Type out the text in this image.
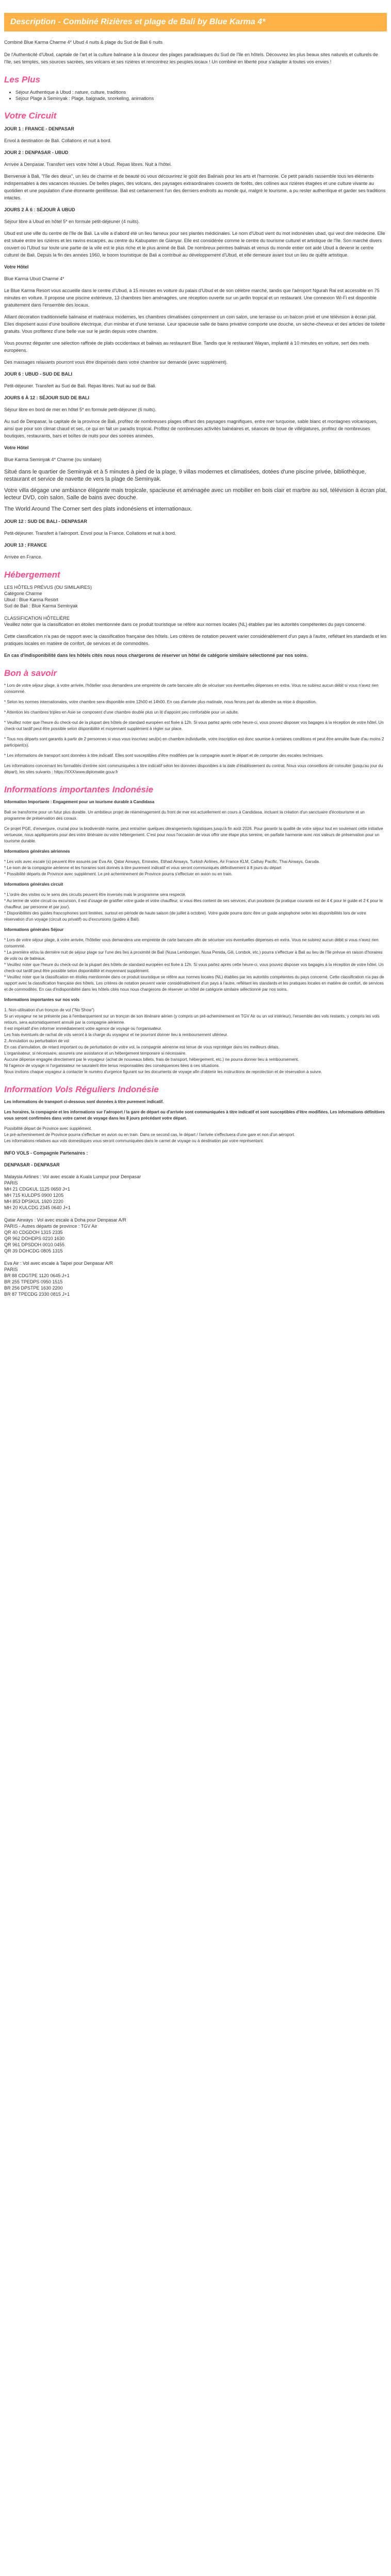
Description - Combiné Rizières et plage de Bali by Blue Karma 4*

Combiné Blue Karma Charme 4* Ubud 4 nuits & plage du Sud de Bali 6 nuits

De l'Authenticité d'Ubud, capitale de l'art et la culture balinaise à la douceur des plages paradisiaques du Sud de l'île en hôtels. Découvrez les plus beaux sites naturels et culturels de l'île, ses temples, ses sources sacrées, ses volcans et ses rizières et rencontrez les peuples locaux ! Un combiné en liberté pour s'adapter à toutes vos envies !

Les Plus
• Séjour Authentique à Ubud : nature, culture, traditions
• Séjour Plage à Seminyak : Plage, baignade, snorkeling, animations
Votre Circuit

JOUR 1 : FRANCE - DENPASAR

Envol à destination de Bali. Collations et nuit à bord.

JOUR 2 : DENPASAR - UBUD

Arrivée à Denpasar. Transfert vers votre hôtel à Ubud. Repas libres. Nuit à l'hôtel.

Bienvenue à Bali, "l'île des dieux", un lieu de charme et de beauté où vous découvrirez le goût des Balinais pour les arts et l'harmonie. Ce petit paradis rassemble tous les éléments indispensables à des vacances réussies. De belles plages, des volcans, des paysages extraordinaires couverts de forêts, des collines aux rizières étagées et une culture vivante au quotidien et une population d'une étonnante gentillesse. Bali est certainement l'un des derniers endroits au monde qui, malgré le tourisme, a pu rester authentique et garder ses traditions intactes.

JOURS 2 À 6 : SÉJOUR À UBUD

Séjour libre à Ubud en hôtel 5* en formule petit-déjeuner (4 nuits).

Ubud est une ville du centre de l'île de Bali. La ville a d'abord été un lieu fameux pour ses plantes médicinales. Le nom d'Ubud vient du mot indonésien ubad, qui veut dire médecine. Elle est située entre les rizières et les ravins escarpés, au centre du Kabupaten de Gianyar. Elle est considérée comme le centre du tourisme culturel et artistique de l'île. Son marché divers couvert où l'Ubud sur toute une partie de la ville est le plus riche et le plus animé de Bali. De nombreux peintres balinais et venus du monde entier ont aidé Ubud à devenir le centre culturel de Bali. Depuis la fin des années 1960, le boom touristique de Bali a contribué au développement d'Ubud, et elle demeure avant tout un lieu de quête artistique.

Votre Hôtel

Blue Karma Ubud Charme 4*

Le Blue Karma Resort vous accueille dans le centre d'Ubud, à 15 minutes en voiture du palais d'Ubud et de son célèbre marché, tandis que l'aéroport Ngurah Rai est accessible en 75 minutes en voiture. Il propose une piscine extérieure, 13 chambres bien aménagées, une réception ouverte sur un jardin tropical et un restaurant. Une connexion Wi-Fi est disponible gratuitement dans l'ensemble des locaux.

Alliant décoration traditionnelle balinaise et matériaux modernes, les chambres climatisées comprennent un coin salon, une terrasse ou un balcon privé et une télévision à écran plat. Elles disposent aussi d'une bouilloire électrique, d'un minibar et d'une terrasse. Leur spacieuse salle de bains privative comporte une douche, un sèche-cheveux et des articles de toilette gratuits. Vous profiterez d'une belle vue sur le jardin depuis votre chambre.

Vous pourrez déguster une sélection raffinée de plats occidentaux et balinais au restaurant Blue. Tandis que le restaurant Wayan, implanté à 10 minutes en voiture, sert des mets européens.

Des massages relaxants pourront vous être dispensés dans votre chambre sur demande (avec supplément).

JOUR 6 : UBUD - SUD DE BALI

Petit-déjeuner. Transfert au Sud de Bali. Repas libres. Nuit au sud de Bali.

JOURS 6 À 12 : SÉJOUR SUD DE BALI

Séjour libre en bord de mer en hôtel 5* en formule petit-déjeuner (6 nuits).

Au sud de Denpasar, la capitale de la province de Bali, profitez de nombreuses plages offrant des paysages magnifiques, entre mer turquoise, sable blanc et montagnes volcaniques, ainsi que pour son climat chaud et sec, ce qui en fait un paradis tropical. Profitez de nombreuses activités balnéaires et, séances de boue de villégiatures, profitez de nombreuses boutiques, restaurants, bars et boîtes de nuits pour des soirées animées.

Votre Hôtel

Blue Karma Seminyak 4* Charme (ou similaire)

Situé dans le quartier de Seminyak et à 5 minutes à pied de la plage, 9 villas modernes et climatisées, dotées d'une piscine privée, bibliothèque, restaurant et service de navette de vers la plage de Seminyak.

Votre villa dégage une ambiance élégante mais tropicale, spacieuse et aménagée avec un mobilier en bois clair et marbre au sol, télévision à écran plat, lecteur DVD, coin salon. Salle de bains avec douche.

The World Around The Corner sert des plats indonésiens et internationaux.

JOUR 12 : SUD DE BALI - DENPASAR

Petit-déjeuner. Transfert à l'aéroport. Envol pour la France. Collations et nuit à bord.

JOUR 13 : FRANCE

Arrivée en France.

Hébergement
LES HÔTELS PRÉVUS (OU SIMILAIRES)
Catégorie Charme
Ubud : Blue Karma Resort
Sud de Bali : Blue Karma Seminyak

CLASSIFICATION HÔTELIÈRE
Veuillez noter que la classification en étoiles mentionnée dans ce produit touristique se réfère aux normes locales (NL) établies par les autorités compétentes du pays concerné.

Cette classification n'a pas de rapport avec la classification française des hôtels. Les critères de notation peuvent varier considérablement d'un pays à l'autre, reflétant les standards et les pratiques locales en matière de confort, de services et de commodités.

En cas d'indisponibilité dans les hôtels cités nous nous chargerons de réserver un hôtel de catégorie similaire sélectionné par nos soins.

Bon à savoir

* Lors de votre séjour plage, à votre arrivée, l'hôtelier vous demandera une empreinte de carte bancaire afin de sécuriser vos éventuelles dépenses en extra. Vous ne subirez aucun débit si vous n'avez rien consommé.

* Selon les normes internationales, votre chambre sera disponible entre 12h00 et 14h00. En cas d'arrivée plus matinale, nous ferons part du attendre sa mise à disposition.

* Attention les chambres triples en Asie se composent d'une chambre double plus un lit d'appoint peu confortable pour un adulte.

* Veuillez noter que l'heure du check-out de la plupart des hôtels de standard européen est fixée à 12h. Si vous partez après cette heure-ci, vous pouvez disposer vos bagages à la réception de votre hôtel. Un check-out tardif peut être possible selon disponibilité et moyennant supplément à régler sur place.

* Tous nos départs sont garantis à partir de 2 personnes si vous vous inscrivez seul(e) en chambre individuelle, votre inscription est donc soumise à certaines conditions et peut être annulée faute d'au moins 2 participant(s).

* Les informations de transport sont données à titre indicatif. Elles sont susceptibles d'être modifiées par la compagnie avant le départ et de comporter des escales techniques.

Les informations concernant les formalités d'entrée sont communiquées à titre indicatif selon les données disponibles à la date d'établissement du contrat. Nous vous conseillons de consulter (jusqu'au jour du départ), les sites suivants : https://XXX/www.diplomatie.gouv.fr

Informations importantes Indonésie

Information Importante : Engagement pour un tourisme durable à Candidasa

Bali se transforme pour un futur plus durable. Un ambitieux projet de réaménagement du front de mer est actuellement en cours à Candidasa, incluant la création d'un sanctuaire d'écotourisme et un programme de préservation des coraux.

Ce projet PGE, d'envergure, crucial pour la biodiversité marine, peut entraîner quelques dérangements logistiques jusqu'à fin août 2026. Pour garantir la qualité de votre séjour tout en soutenant cette initiative vertueuse, nous appliquerons pour des votre itinéraire ou votre hébergement. C'est pour nous l'occasion de vous offrir une étape plus sereine, en parfaite harmonie avec nos valeurs de préservation pour un tourisme durable.

Informations générales aériennes

* Les vols avec escale (s) peuvent être assurés par Eva Air, Qatar Airways, Emirates, Etihad Airways, Turkish Airlines, Air France KLM, Cathay Pacific, Thai Airways, Garuda.
* Le nom de la compagnie aérienne et les horaires sont donnés à titre purement indicatif et vous seront communiqués définitivement à 8 jours du départ
* Possibilité départs de Province avec supplément. Le pré acheminement de Province pourra s'effectuer en avion ou en train.

Informations générales circuit

* L'ordre des visites ou le sens des circuits peuvent être inversés mais le programme sera respecté.
* Au terme de votre circuit ou excursion, il est d'usage de gratifier votre guide et votre chauffeur, si vous êtes content de ses services, d'un pourboire (la pratique courante est de 4 € pour le guide et 2 € pour le chauffeur, par personne et par jour).
* Disponibilités des guides francophones sont limitées, surtout en période de haute saison (de juillet à octobre). Votre guide pourra donc être un guide anglophone selon les disponibilités lors de votre réservation d'un voyage (circuit ou privatif) ou d'excursions (guides à Bali).

Informations générales Séjour

* Lors de votre séjour plage, à votre arrivée, l'hôtelier vous demandera une empreinte de carte bancaire afin de sécuriser vos éventuelles dépenses en extra. Vous ne subirez aucun débit si vous n'avez rien consommé.
* La première et/ou la dernière nuit de séjour plage sur l'une des îles à proximité de Bali (Nusa Lembongan, Nusa Penida, Gili, Lombok, etc.) pourra s'effectuer à Bali au lieu de l'île prévue en raison d'horaires de vols ou de bateaux.
* Veuillez noter que l'heure du check-out de la plupart des hôtels de standard européen est fixée à 12h. Si vous partez après cette heure-ci, vous pouvez disposer vos bagages à la réception de votre hôtel. Un check-out tardif peut être possible selon disponibilité et moyennant supplément.
* Veuillez noter que la classification en étoiles mentionnée dans ce produit touristique se réfère aux normes locales (NL) établies par les autorités compétentes du pays concerné. Cette classification n'a pas de rapport avec la classification française des hôtels. Les critères de notation peuvent varier considérablement d'un pays à l'autre, reflétant les standards et les pratiques locales en matière de confort, de services et de commodités. En cas d'indisponibilité dans les hôtels cités nous nous chargerons de réserver un hôtel de catégorie similaire sélectionné par nos soins.

Informations importantes sur nos vols

1. Non-utilisation d'un tronçon de vol ("No Show")
Si un voyageur ne se présente pas à l'embarquement sur un tronçon de son itinéraire aérien (y compris un pré-acheminement en TGV Air ou un vol intérieur), l'ensemble des vols restants, y compris les vols retours, sera automatiquement annulé par la compagnie aérienne.
Il est impératif d'en informer immédiatement votre agence de voyage ou l'organisateur.
Les frais éventuels de rachat de vols seront à la charge du voyageur et ne pourront donner lieu à remboursement ultérieur.
2. Annulation ou perturbation de vol
En cas d'annulation, de retard important ou de perturbation de votre vol, la compagnie aérienne est tenue de vous reprotéger dans les meilleurs délais.
L'organisateur, si nécessaire, assurera une assistance et un hébergement temporaire si nécessaire.
Aucune dépense engagée directement par le voyageur (achat de nouveaux billets, frais de transport, hébergement, etc.) ne pourra donner lieu à remboursement.
Ni l'agence de voyage ni l'organisateur ne sauraient être tenus responsables des conséquences liées à ces situations.
Nous invitons chaque voyageur à contacter le numéro d'urgence figurant sur les documents de voyage afin d'obtenir les instructions de reprotection et de réservation à suivre.

Information Vols Réguliers Indonésie

Les informations de transport ci-dessous sont données à titre purement indicatif.

Les horaires, la compagnie et les informations sur l'aéroport / la gare de départ ou d'arrivée sont communiquées à titre indicatif et sont susceptibles d'être modifiées. Les informations définitives vous seront confirmées dans votre carnet de voyage dans les 8 jours précédant votre départ.

Possibilité départ de Province avec supplément.
Le pré-acheminement de Province pourra s'effectuer en avion ou en train. Dans ce second cas, le départ / l'arrivée s'effectuera d'une gare et non d'un aéroport.
Les informations relatives aux vols domestiques vous seront communiquées dans le carnet de voyage ou à destination par votre représentant.

INFO VOLS - Compagnie Partenaires :

DENPASAR - DENPASAR

Malaysia Airlines : Vol avec escale à Kuala Lumpur pour Denpasar
PARIS
MH 21 CDGKUL 1125 0650 J+1
MH 715 KULDPS 0900 1205
MH 853 DPSKUL 1920 2220
MH 20 KULCDG 2345 0640 J+1

Qatar Airways : Vol avec escale à Doha pour Denpasar A/R
PARIS - Autres départs de province : TGV Air
QR 40 CDGDOH 1315 2335
QR 962 DOHDPS 0210 1630
QR 961 DPSDOH 0010 0455
QR 39 DOHCDG 0805 1315

Eva Air : Vol avec escale à Taipei pour Denpasar A/R
PARIS
BR 88 CDGTPE 1120 0645 J+1
BR 255 TPEDPS 0950 1515
BR 256 DPSTPE 1630 2200
BR 87 TPECDG 2330 0815 J+1
